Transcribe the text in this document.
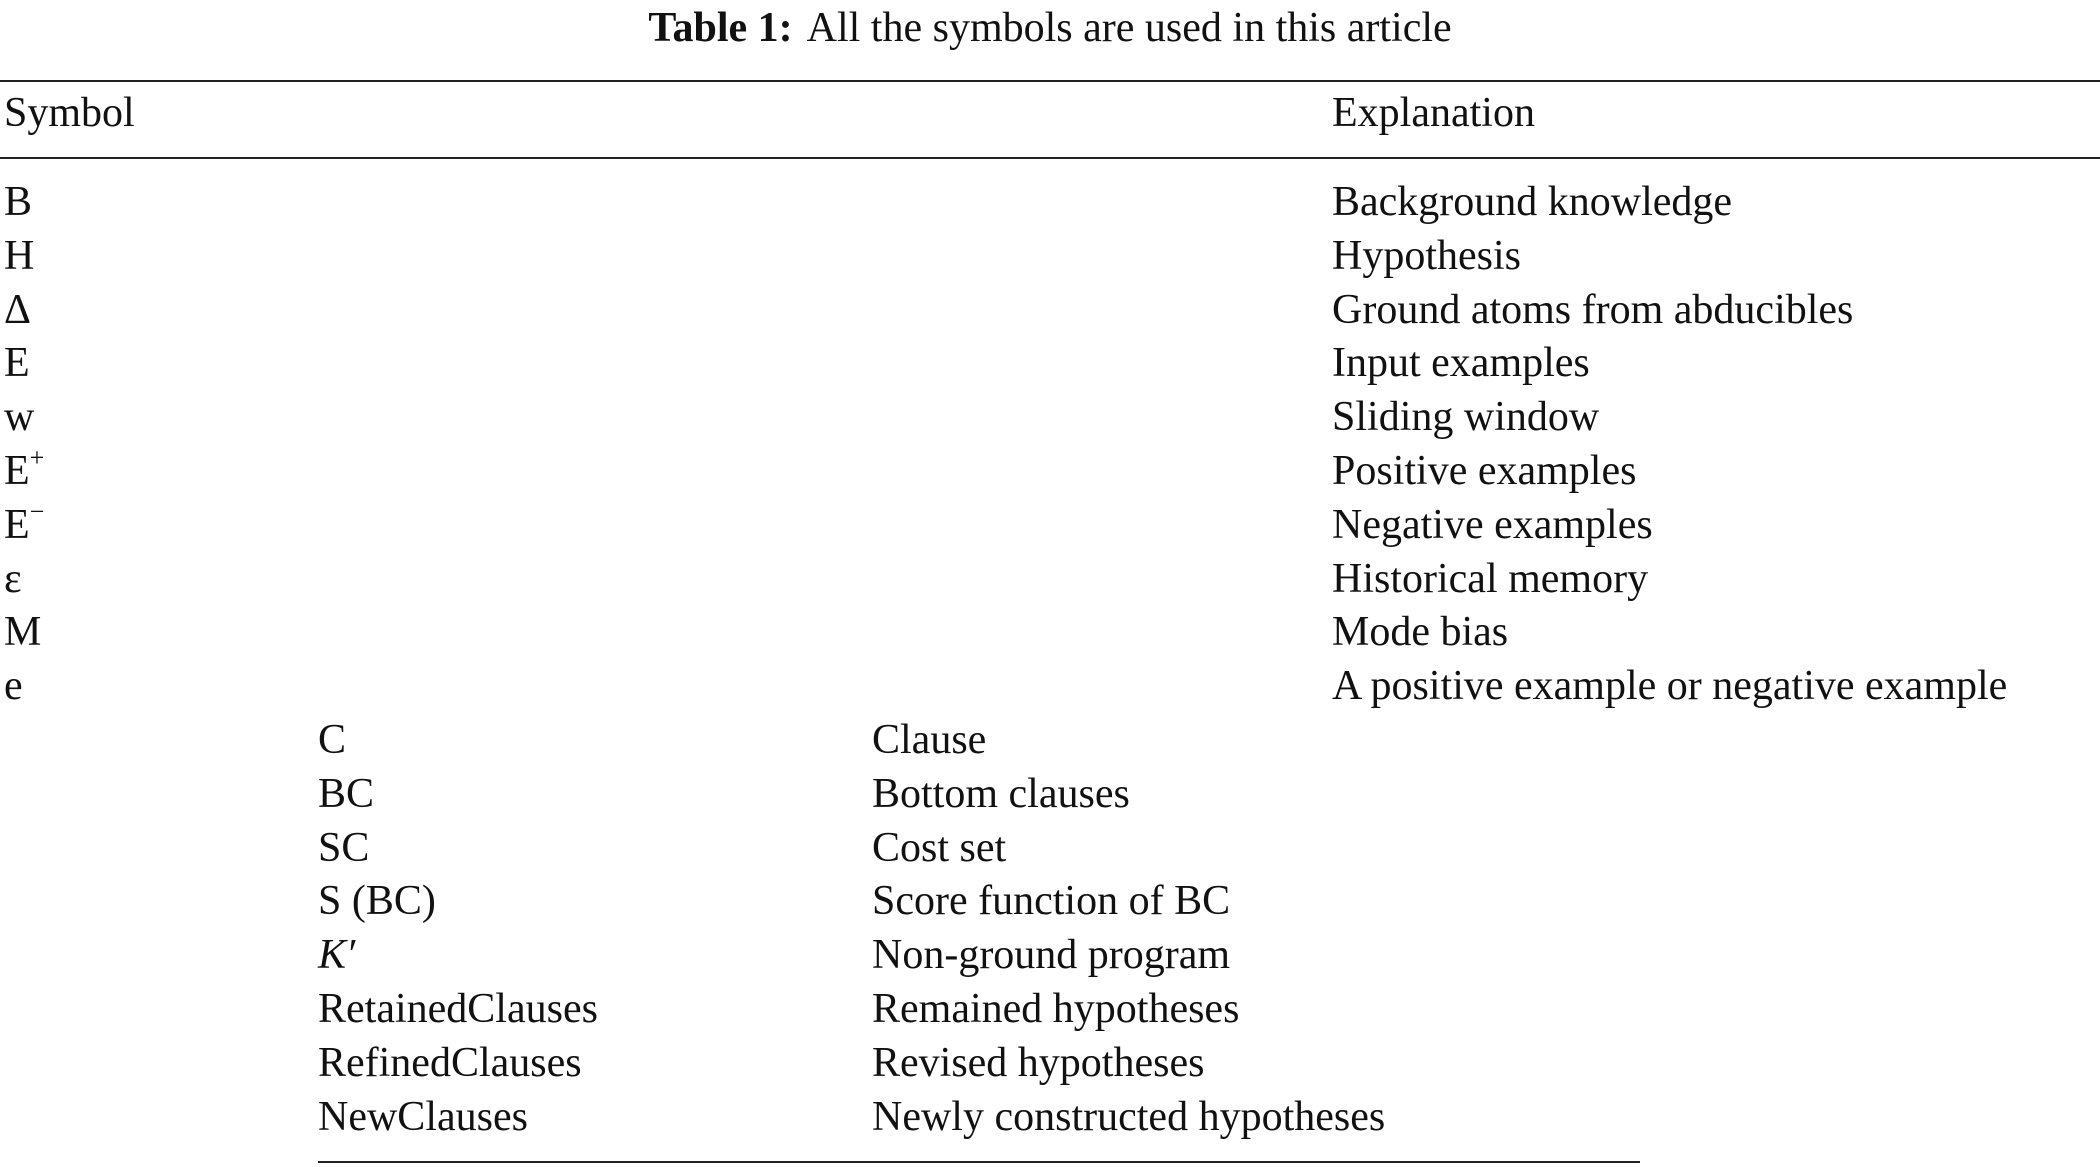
Table 1: All the symbols are used in this article
Symbol	Explanation
B	Background knowledge
H	Hypothesis
Δ	Ground atoms from abducibles
E	Input examples
w	Sliding window
E+	Positive examples
E−	Negative examples
ε	Historical memory
M	Mode bias
e	A positive example or negative example
C	Clause
BC	Bottom clauses
SC	Cost set
S (BC)	Score function of BC
K′	Non-ground program
RetainedClauses	Remained hypotheses
RefinedClauses	Revised hypotheses
NewClauses	Newly constructed hypotheses
